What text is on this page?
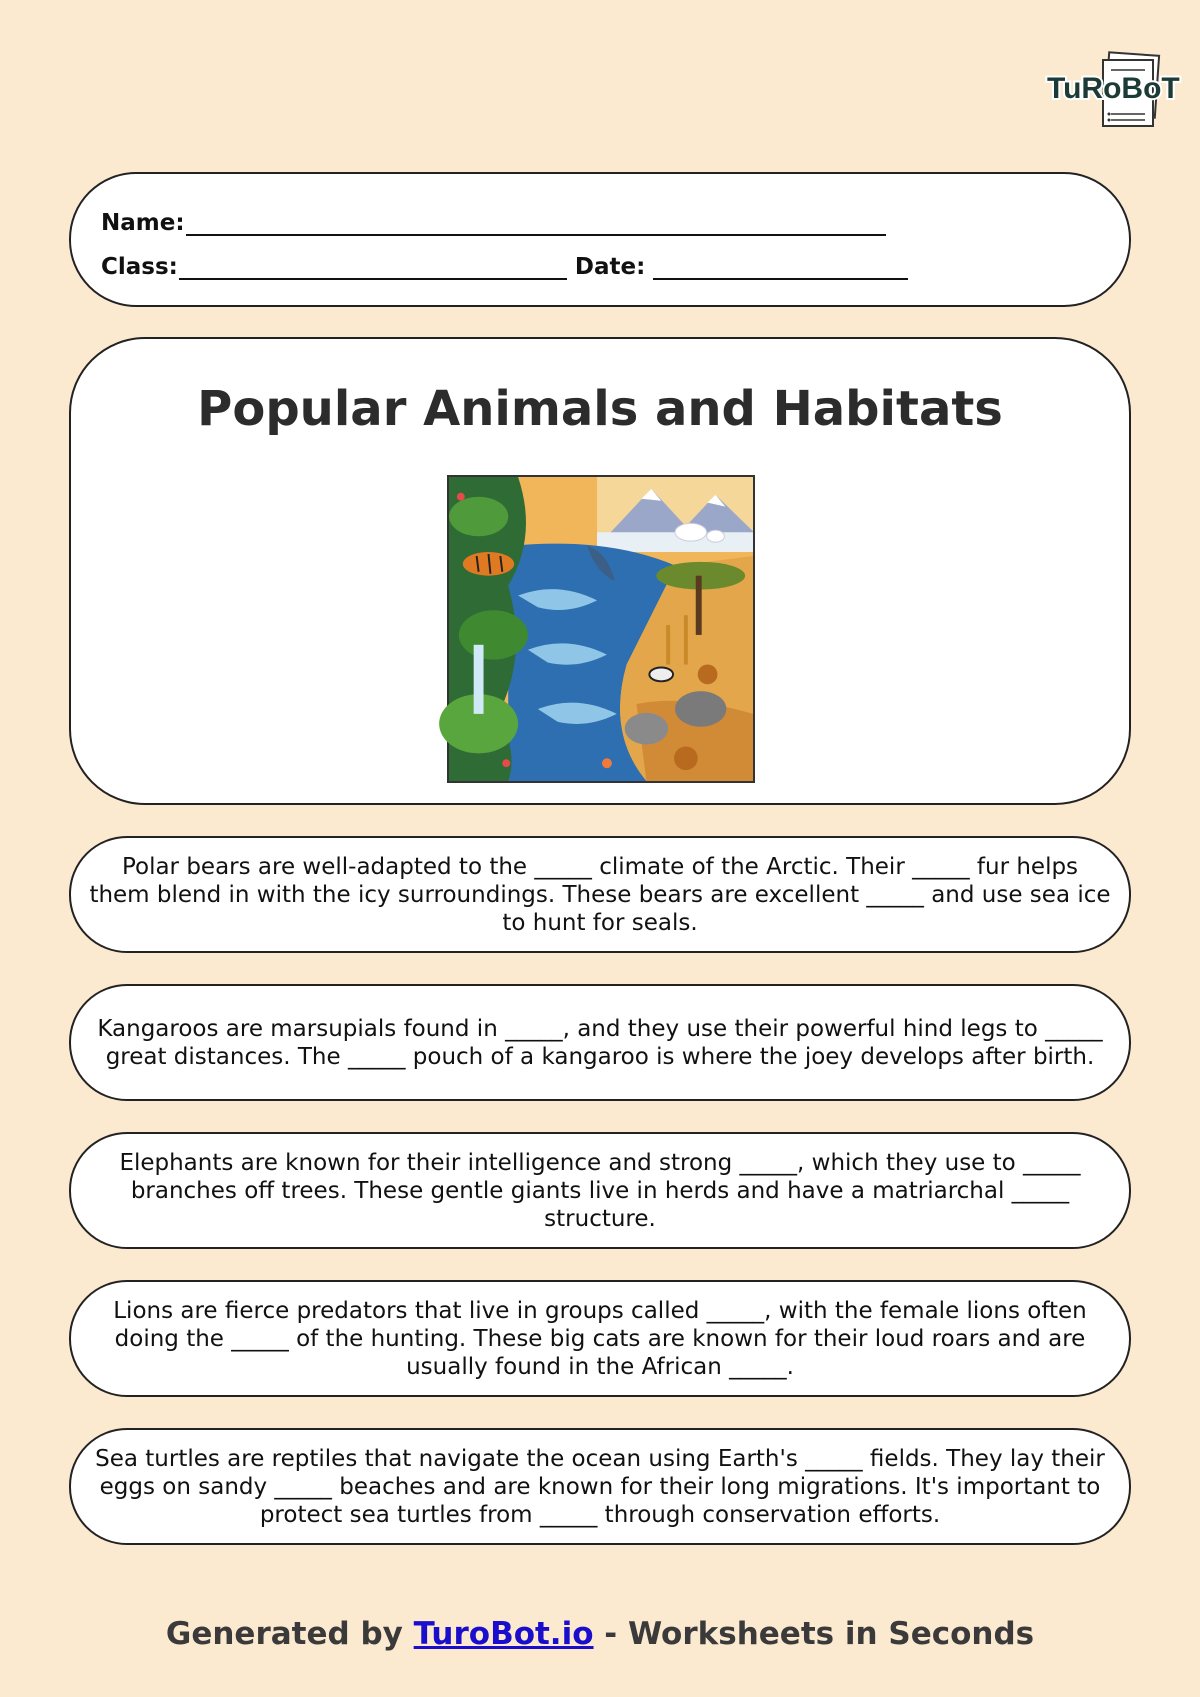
TuRoBoT
Name:
Class:	Date:
Popular Animals and Habitats
Polar bears are well-adapted to the _____ climate of the Arctic. Their _____ fur helps them blend in with the icy surroundings. These bears are excellent _____ and use sea ice to hunt for seals.
Kangaroos are marsupials found in _____, and they use their powerful hind legs to _____ great distances. The _____ pouch of a kangaroo is where the joey develops after birth.
Elephants are known for their intelligence and strong _____, which they use to _____ branches off trees. These gentle giants live in herds and have a matriarchal _____ structure.
Lions are fierce predators that live in groups called _____, with the female lions often doing the _____ of the hunting. These big cats are known for their loud roars and are usually found in the African _____.
Sea turtles are reptiles that navigate the ocean using Earth's _____ fields. They lay their eggs on sandy _____ beaches and are known for their long migrations. It's important to protect sea turtles from _____ through conservation efforts.
Generated by TuroBot.io - Worksheets in Seconds
